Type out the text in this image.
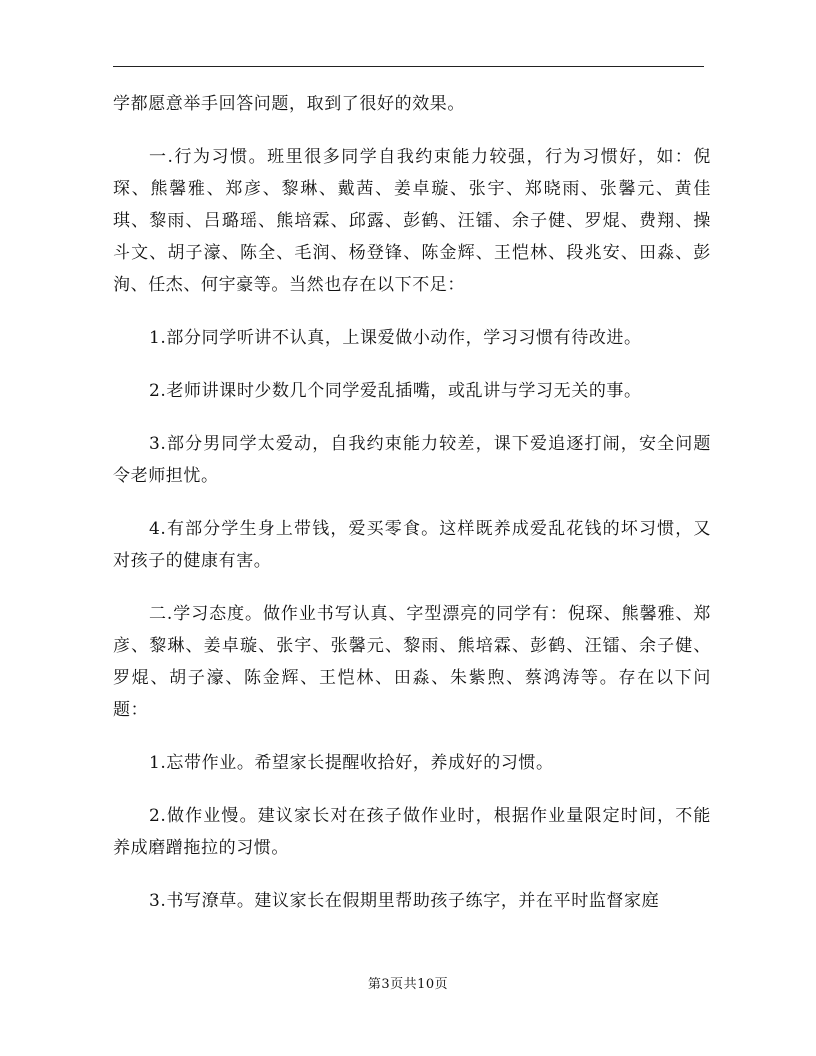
学都愿意举手回答问题，取到了很好的效果。

一.行为习惯。班里很多同学自我约束能力较强，行为习惯好，如：倪琛、熊馨雅、郑彦、黎琳、戴茜、姜卓璇、张宇、郑晓雨、张馨元、黄佳琪、黎雨、吕璐瑶、熊培霖、邱露、彭鹤、汪镭、余子健、罗焜、费翔、操斗文、胡子濠、陈全、毛润、杨登锋、陈金辉、王恺林、段兆安、田淼、彭洵、任杰、何宇豪等。当然也存在以下不足：

1.部分同学听讲不认真，上课爱做小动作，学习习惯有待改进。

2.老师讲课时少数几个同学爱乱插嘴，或乱讲与学习无关的事。

3.部分男同学太爱动，自我约束能力较差，课下爱追逐打闹，安全问题令老师担忧。

4.有部分学生身上带钱，爱买零食。这样既养成爱乱花钱的坏习惯，又对孩子的健康有害。

二.学习态度。做作业书写认真、字型漂亮的同学有：倪琛、熊馨雅、郑彦、黎琳、姜卓璇、张宇、张馨元、黎雨、熊培霖、彭鹤、汪镭、余子健、罗焜、胡子濠、陈金辉、王恺林、田淼、朱紫煦、蔡鸿涛等。存在以下问题：

1.忘带作业。希望家长提醒收拾好，养成好的习惯。

2.做作业慢。建议家长对在孩子做作业时，根据作业量限定时间，不能养成磨蹭拖拉的习惯。

3.书写潦草。建议家长在假期里帮助孩子练字，并在平时监督家庭

第3页共10页
